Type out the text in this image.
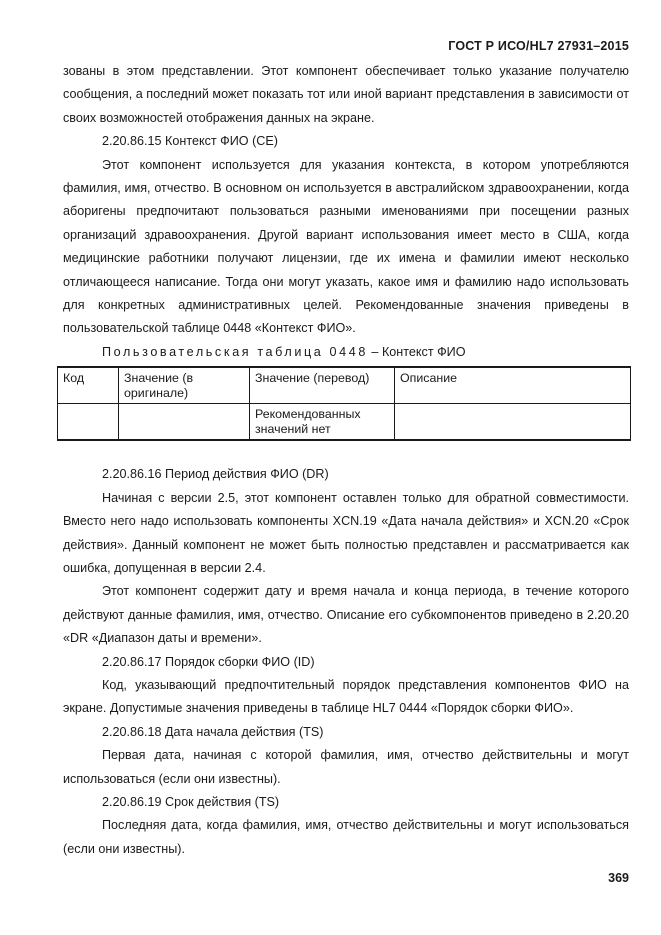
ГОСТ Р ИСО/HL7 27931–2015

зованы в этом представлении. Этот компонент обеспечивает только указание получателю сообщения, а последний может показать тот или иной вариант представления в зависимости от своих возможностей отображения данных на экране.

2.20.86.15 Контекст ФИО (CE)

Этот компонент используется для указания контекста, в котором употребляются фамилия, имя, отчество. В основном он используется в австралийском здравоохранении, когда аборигены предпочитают пользоваться разными именованиями при посещении разных организаций здравоохранения. Другой вариант использования имеет место в США, когда медицинские работники получают лицензии, где их имена и фамилии имеют несколько отличающееся написание. Тогда они могут указать, какое имя и фамилию надо использовать для конкретных административных целей. Рекомендованные значения приведены в пользовательской таблице 0448 «Контекст ФИО».

Пользовательская таблица 0448 – Контекст ФИО

Код	Значение (в оригинале)	Значение (перевод)	Описание
		Рекомендованных значений нет	

2.20.86.16 Период действия ФИО (DR)

Начиная с версии 2.5, этот компонент оставлен только для обратной совместимости. Вместо него надо использовать компоненты XCN.19 «Дата начала действия» и XCN.20 «Срок действия». Данный компонент не может быть полностью представлен и рассматривается как ошибка, допущенная в версии 2.4.

Этот компонент содержит дату и время начала и конца периода, в течение которого действуют данные фамилия, имя, отчество. Описание его субкомпонентов приведено в 2.20.20 «DR «Диапазон даты и времени».

2.20.86.17 Порядок сборки ФИО (ID)

Код, указывающий предпочтительный порядок представления компонентов ФИО на экране. Допустимые значения приведены в таблице HL7 0444 «Порядок сборки ФИО».

2.20.86.18 Дата начала действия (TS)

Первая дата, начиная с которой фамилия, имя, отчество действительны и могут использоваться (если они известны).

2.20.86.19 Срок действия (TS)

Последняя дата, когда фамилия, имя, отчество действительны и могут использоваться (если они известны).

369
